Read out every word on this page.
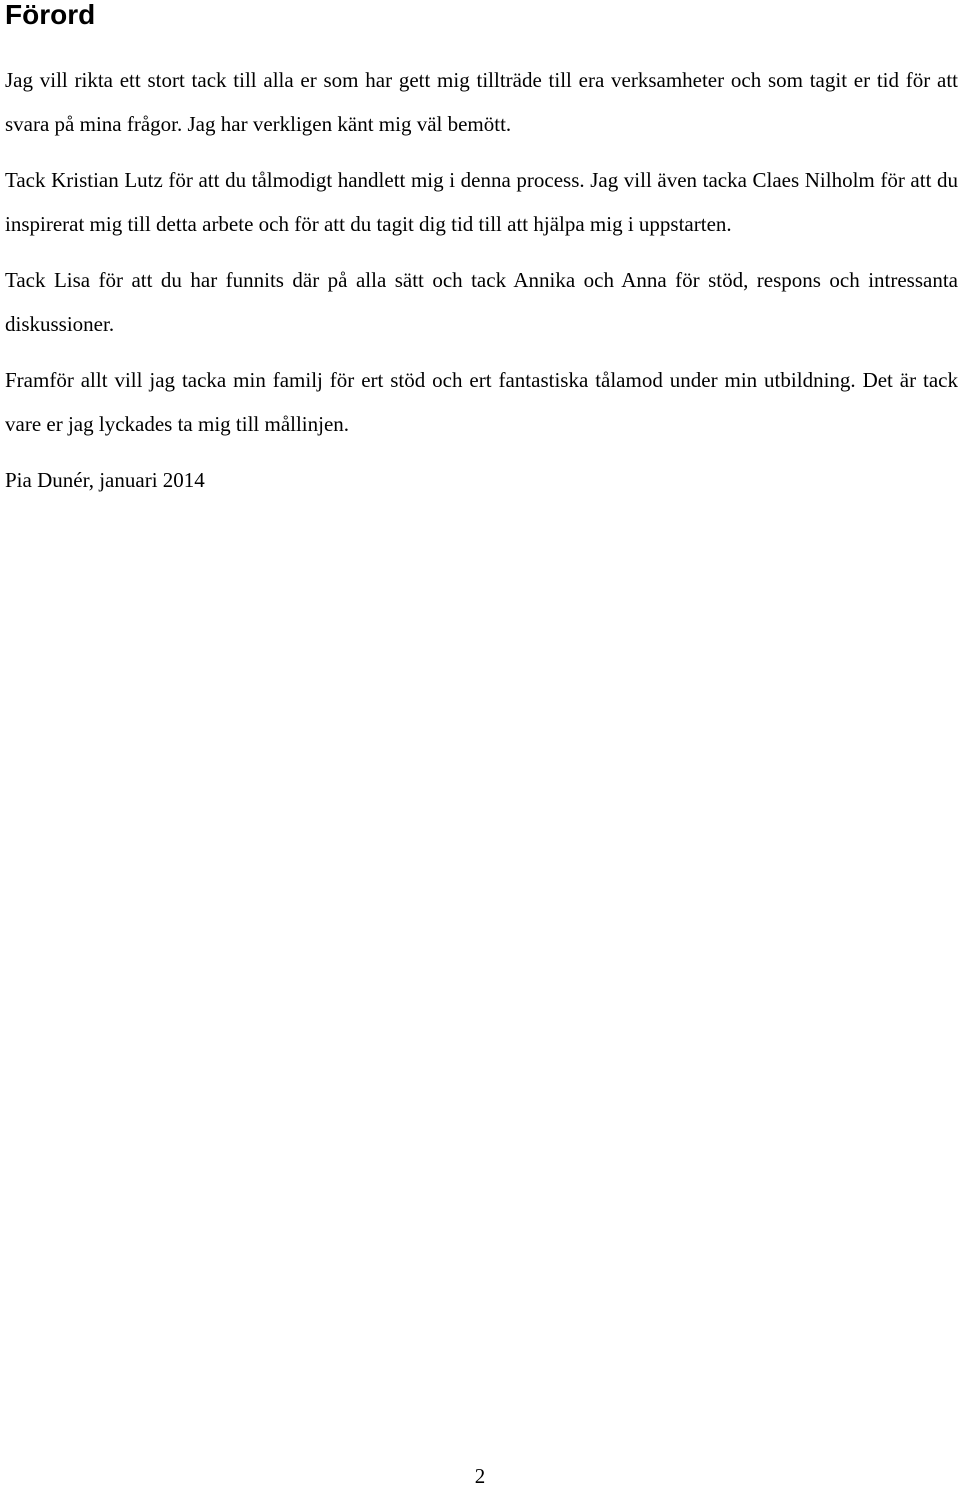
Förord

Jag vill rikta ett stort tack till alla er som har gett mig tillträde till era verksamheter och som tagit er tid för att svara på mina frågor. Jag har verkligen känt mig väl bemött.

Tack Kristian Lutz för att du tålmodigt handlett mig i denna process. Jag vill även tacka Claes Nilholm för att du inspirerat mig till detta arbete och för att du tagit dig tid till att hjälpa mig i uppstarten.

Tack Lisa för att du har funnits där på alla sätt och tack Annika och Anna för stöd, respons och intressanta diskussioner.

Framför allt vill jag tacka min familj för ert stöd och ert fantastiska tålamod under min utbildning. Det är tack vare er jag lyckades ta mig till mållinjen.

Pia Dunér, januari 2014

2
